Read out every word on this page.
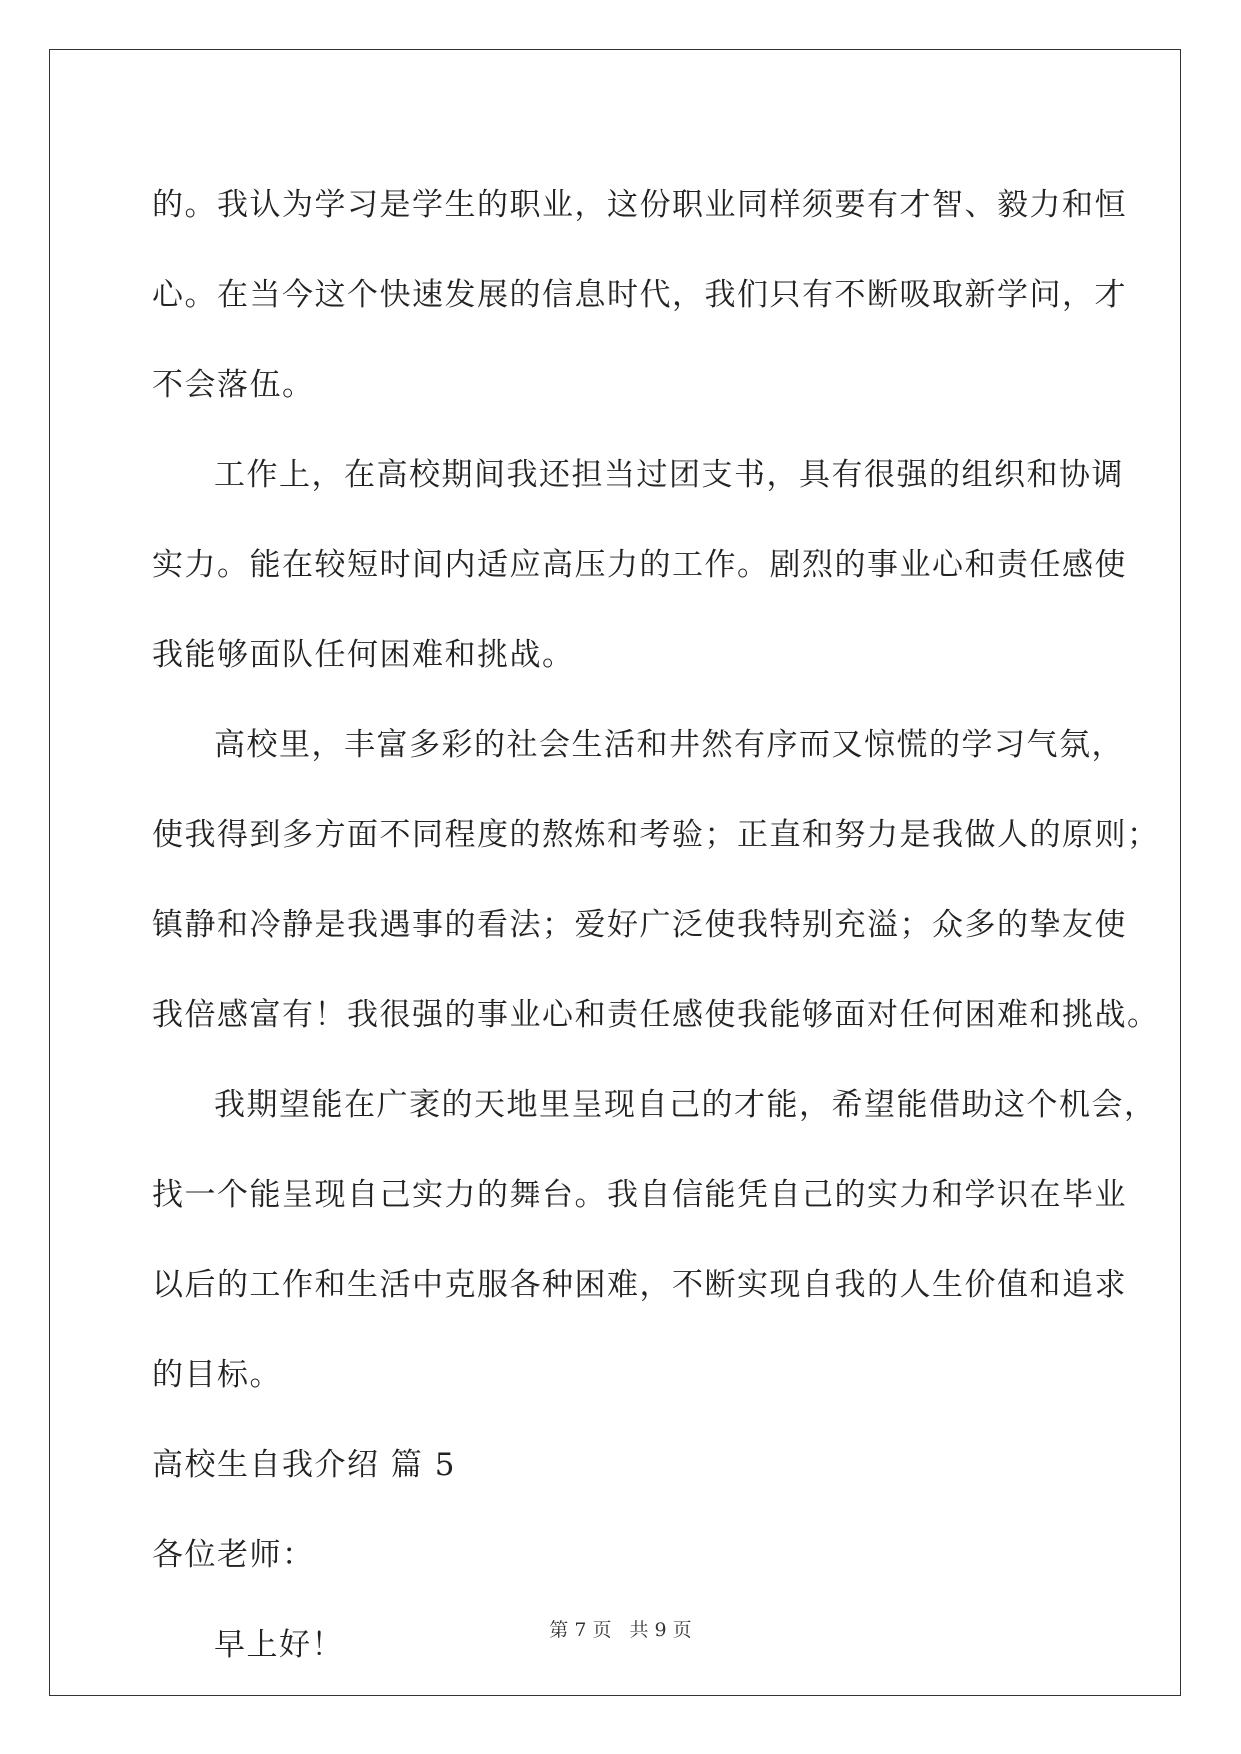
的。我认为学习是学生的职业，这份职业同样须要有才智、毅力和恒
心。在当今这个快速发展的信息时代，我们只有不断吸取新学问，才
不会落伍。
工作上，在高校期间我还担当过团支书，具有很强的组织和协调
实力。能在较短时间内适应高压力的工作。剧烈的事业心和责任感使
我能够面队任何困难和挑战。
高校里，丰富多彩的社会生活和井然有序而又惊慌的学习气氛，
使我得到多方面不同程度的熬炼和考验；正直和努力是我做人的原则；
镇静和冷静是我遇事的看法；爱好广泛使我特别充溢；众多的挚友使
我倍感富有！我很强的事业心和责任感使我能够面对任何困难和挑战。
我期望能在广袤的天地里呈现自己的才能，希望能借助这个机会，
找一个能呈现自己实力的舞台。我自信能凭自己的实力和学识在毕业
以后的工作和生活中克服各种困难，不断实现自我的人生价值和追求
的目标。
高校生自我介绍 篇 5
各位老师：
早上好！	第 7 页 共 9 页
